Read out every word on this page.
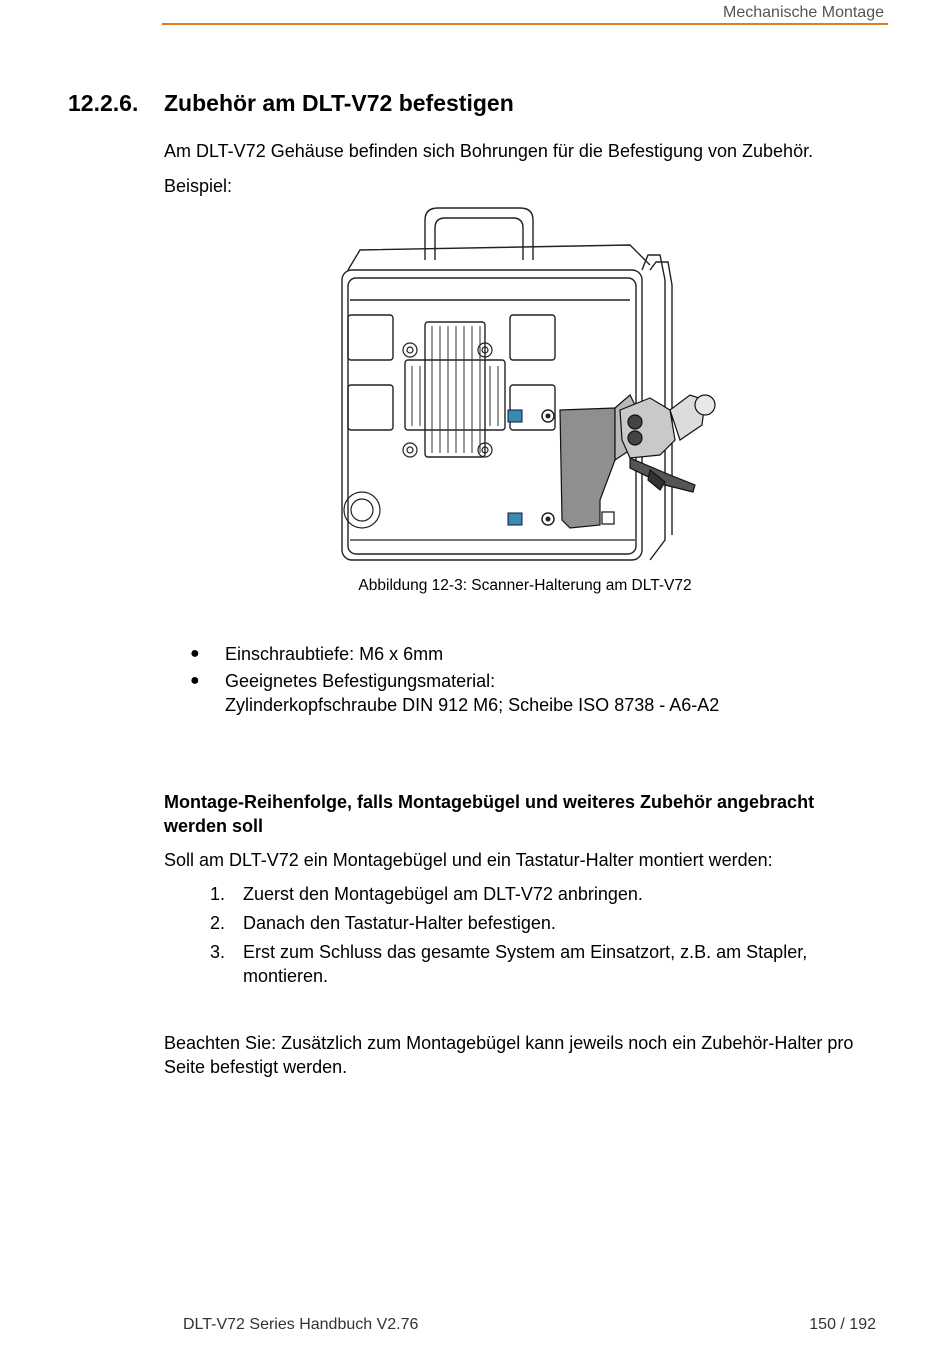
Mechanische Montage
12.2.6. Zubehör am DLT-V72 befestigen
Am DLT-V72 Gehäuse befinden sich Bohrungen für die Befestigung von Zubehör.
Beispiel:
Abbildung 12-3: Scanner-Halterung am DLT-V72
●	Einschraubtiefe: M6 x 6mm
●	Geeignetes Befestigungsmaterial:
Zylinderkopfschraube DIN 912 M6; Scheibe ISO 8738 - A6-A2
Montage-Reihenfolge, falls Montagebügel und weiteres Zubehör angebracht werden soll
Soll am DLT-V72 ein Montagebügel und ein Tastatur-Halter montiert werden:
1. Zuerst den Montagebügel am DLT-V72 anbringen.
2. Danach den Tastatur-Halter befestigen.
3. Erst zum Schluss das gesamte System am Einsatzort, z.B. am Stapler, montieren.
Beachten Sie: Zusätzlich zum Montagebügel kann jeweils noch ein Zubehör-Halter pro Seite befestigt werden.
DLT-V72 Series Handbuch V2.76	150 / 192
